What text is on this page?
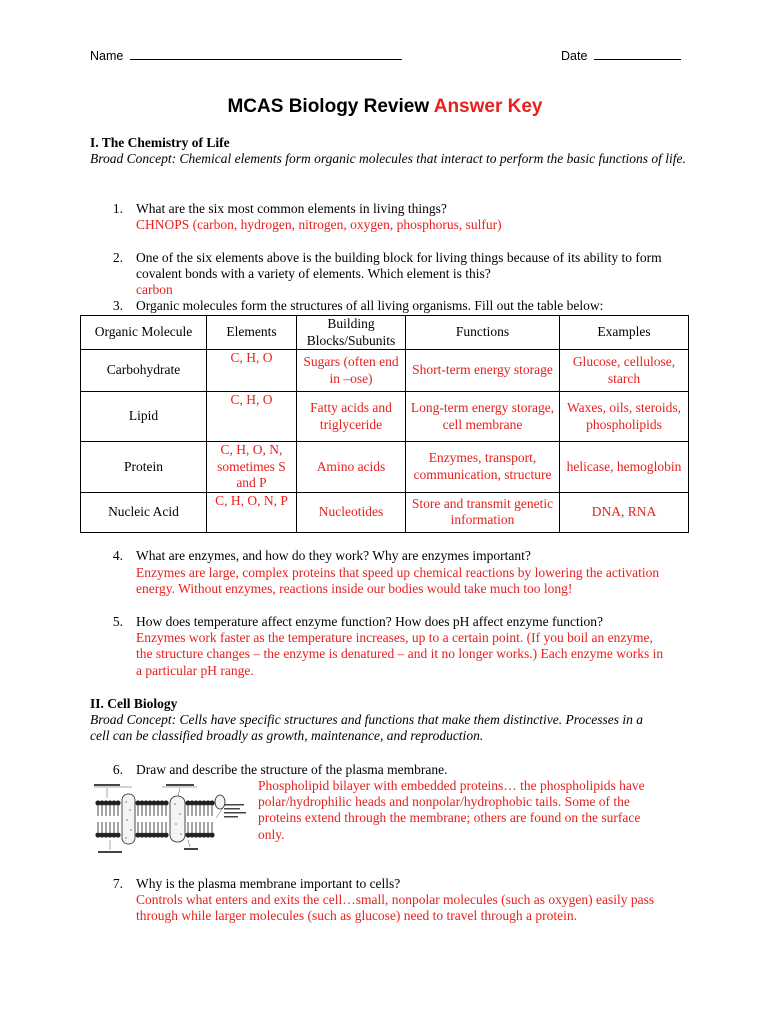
Name	Date
MCAS Biology Review Answer Key
I. The Chemistry of Life
Broad Concept: Chemical elements form organic molecules that interact to perform the basic functions of life.
1. What are the six most common elements in living things?
CHNOPS (carbon, hydrogen, nitrogen, oxygen, phosphorus, sulfur)
2. One of the six elements above is the building block for living things because of its ability to form
covalent bonds with a variety of elements. Which element is this?
carbon
3. Organic molecules form the structures of all living organisms. Fill out the table below:
Organic Molecule	Elements	Building Blocks/Subunits	Functions	Examples
Carbohydrate	C, H, O	Sugars (often end in –ose)	Short-term energy storage	Glucose, cellulose, starch
Lipid	C, H, O	Fatty acids and triglyceride	Long-term energy storage, cell membrane	Waxes, oils, steroids, phospholipids
Protein	C, H, O, N, sometimes S and P	Amino acids	Enzymes, transport, communication, structure	helicase, hemoglobin
Nucleic Acid	C, H, O, N, P	Nucleotides	Store and transmit genetic information	DNA, RNA
4. What are enzymes, and how do they work? Why are enzymes important?
Enzymes are large, complex proteins that speed up chemical reactions by lowering the activation
energy. Without enzymes, reactions inside our bodies would take much too long!
5. How does temperature affect enzyme function? How does pH affect enzyme function?
Enzymes work faster as the temperature increases, up to a certain point. (If you boil an enzyme,
the structure changes – the enzyme is denatured – and it no longer works.) Each enzyme works in
a particular pH range.
II. Cell Biology
Broad Concept: Cells have specific structures and functions that make them distinctive. Processes in a
cell can be classified broadly as growth, maintenance, and reproduction.
6. Draw and describe the structure of the plasma membrane.
Phospholipid bilayer with embedded proteins… the phospholipids have
polar/hydrophilic heads and nonpolar/hydrophobic tails. Some of the
proteins extend through the membrane; others are found on the surface
only.
7. Why is the plasma membrane important to cells?
Controls what enters and exits the cell…small, nonpolar molecules (such as oxygen) easily pass
through while larger molecules (such as glucose) need to travel through a protein.
